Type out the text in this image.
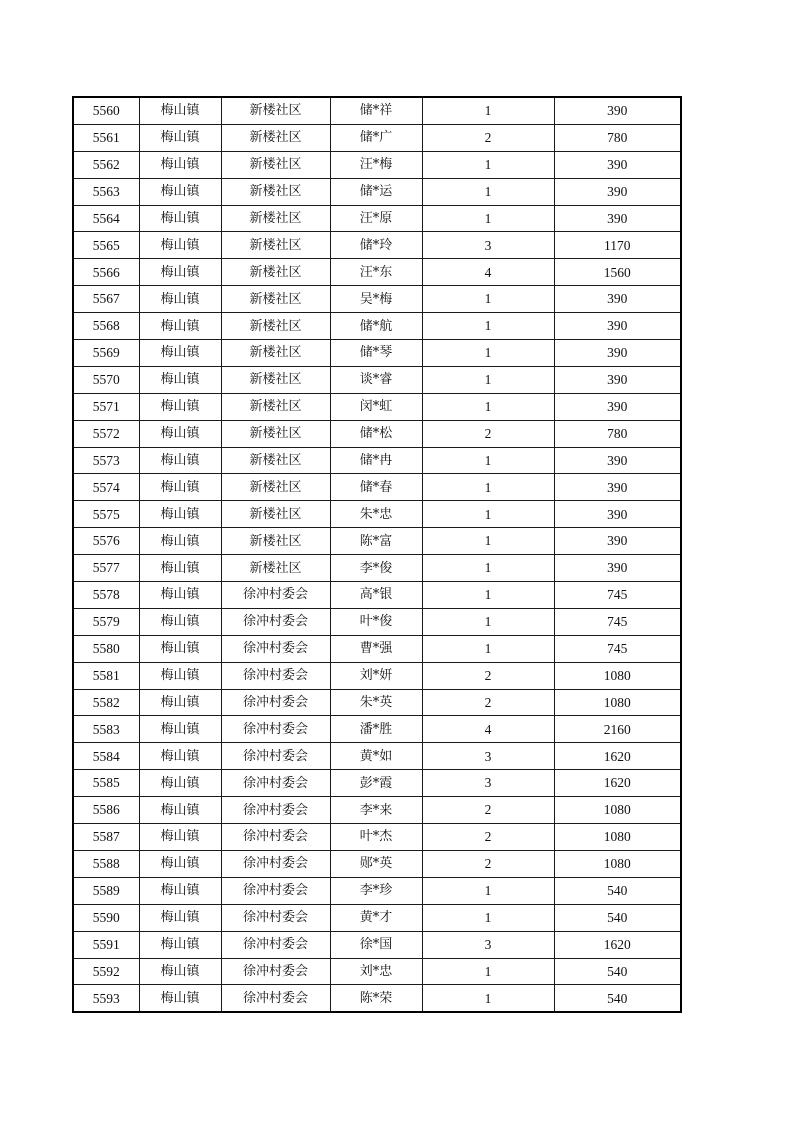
5560	梅山镇	新楼社区	储*祥	1	390
5561	梅山镇	新楼社区	储*广	2	780
5562	梅山镇	新楼社区	汪*梅	1	390
5563	梅山镇	新楼社区	储*运	1	390
5564	梅山镇	新楼社区	汪*原	1	390
5565	梅山镇	新楼社区	储*玲	3	1170
5566	梅山镇	新楼社区	汪*东	4	1560
5567	梅山镇	新楼社区	吴*梅	1	390
5568	梅山镇	新楼社区	储*航	1	390
5569	梅山镇	新楼社区	储*琴	1	390
5570	梅山镇	新楼社区	谈*睿	1	390
5571	梅山镇	新楼社区	闵*虹	1	390
5572	梅山镇	新楼社区	储*松	2	780
5573	梅山镇	新楼社区	储*冉	1	390
5574	梅山镇	新楼社区	储*春	1	390
5575	梅山镇	新楼社区	朱*忠	1	390
5576	梅山镇	新楼社区	陈*富	1	390
5577	梅山镇	新楼社区	李*俊	1	390
5578	梅山镇	徐冲村委会	高*银	1	745
5579	梅山镇	徐冲村委会	叶*俊	1	745
5580	梅山镇	徐冲村委会	曹*强	1	745
5581	梅山镇	徐冲村委会	刘*妍	2	1080
5582	梅山镇	徐冲村委会	朱*英	2	1080
5583	梅山镇	徐冲村委会	潘*胜	4	2160
5584	梅山镇	徐冲村委会	黄*如	3	1620
5585	梅山镇	徐冲村委会	彭*霞	3	1620
5586	梅山镇	徐冲村委会	李*来	2	1080
5587	梅山镇	徐冲村委会	叶*杰	2	1080
5588	梅山镇	徐冲村委会	郧*英	2	1080
5589	梅山镇	徐冲村委会	李*珍	1	540
5590	梅山镇	徐冲村委会	黄*才	1	540
5591	梅山镇	徐冲村委会	徐*国	3	1620
5592	梅山镇	徐冲村委会	刘*忠	1	540
5593	梅山镇	徐冲村委会	陈*荣	1	540
